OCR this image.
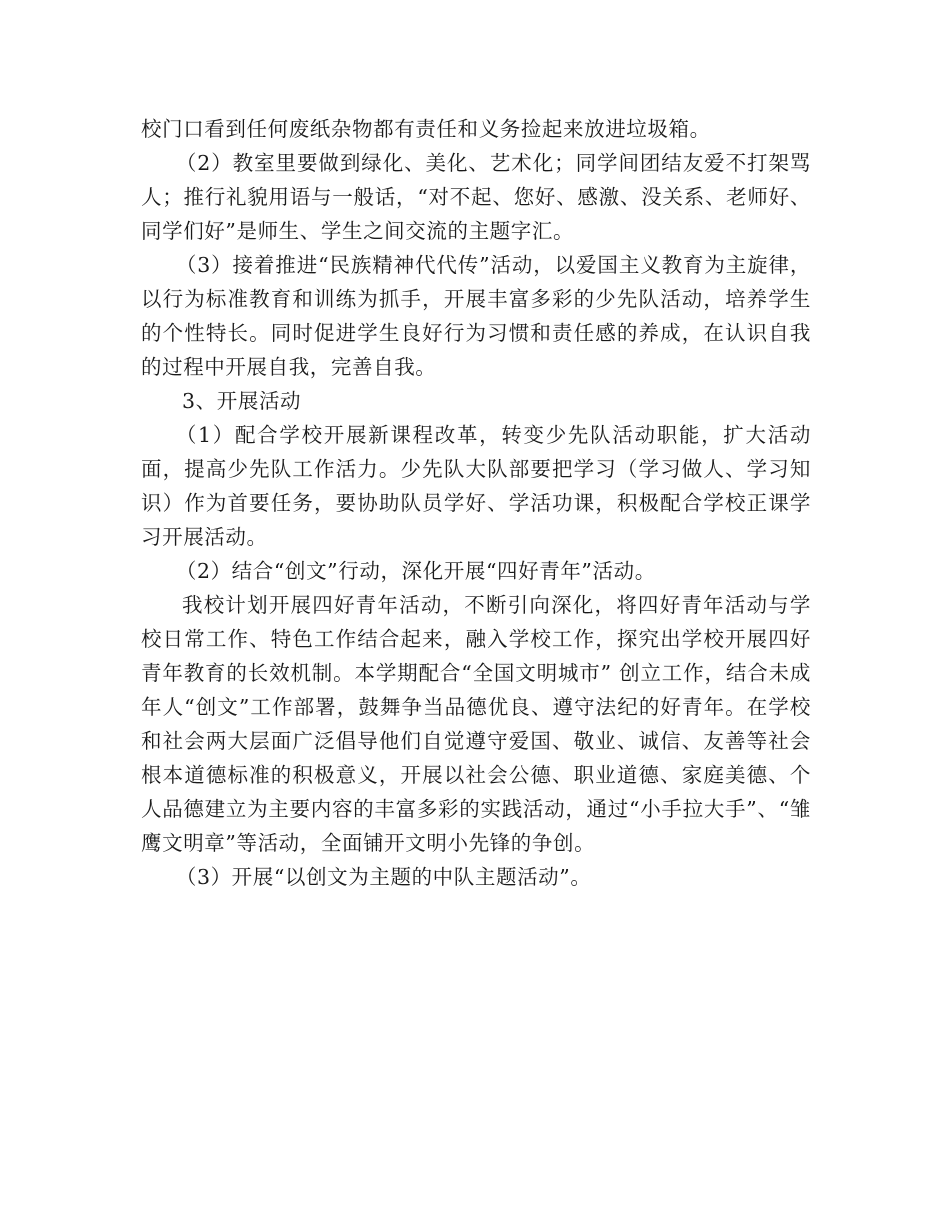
校门口看到任何废纸杂物都有责任和义务捡起来放进垃圾箱。

（2）教室里要做到绿化、美化、艺术化；同学间团结友爱不打架骂人；推行礼貌用语与一般话，“对不起、您好、感激、没关系、老师好、同学们好”是师生、学生之间交流的主题字汇。

（3）接着推进“民族精神代代传”活动，以爱国主义教育为主旋律，以行为标准教育和训练为抓手，开展丰富多彩的少先队活动，培养学生的个性特长。同时促进学生良好行为习惯和责任感的养成，在认识自我的过程中开展自我，完善自我。

3、开展活动

（1）配合学校开展新课程改革，转变少先队活动职能，扩大活动面，提高少先队工作活力。少先队大队部要把学习（学习做人、学习知识）作为首要任务，要协助队员学好、学活功课，积极配合学校正课学习开展活动。

（2）结合“创文”行动，深化开展“四好青年”活动。

我校计划开展四好青年活动，不断引向深化，将四好青年活动与学校日常工作、特色工作结合起来，融入学校工作，探究出学校开展四好青年教育的长效机制。本学期配合“全国文明城市” 创立工作，结合未成年人“创文”工作部署，鼓舞争当品德优良、遵守法纪的好青年。在学校和社会两大层面广泛倡导他们自觉遵守爱国、敬业、诚信、友善等社会根本道德标准的积极意义，开展以社会公德、职业道德、家庭美德、个人品德建立为主要内容的丰富多彩的实践活动，通过“小手拉大手”、“雏鹰文明章”等活动，全面铺开文明小先锋的争创。

（3）开展“以创文为主题的中队主题活动”。
